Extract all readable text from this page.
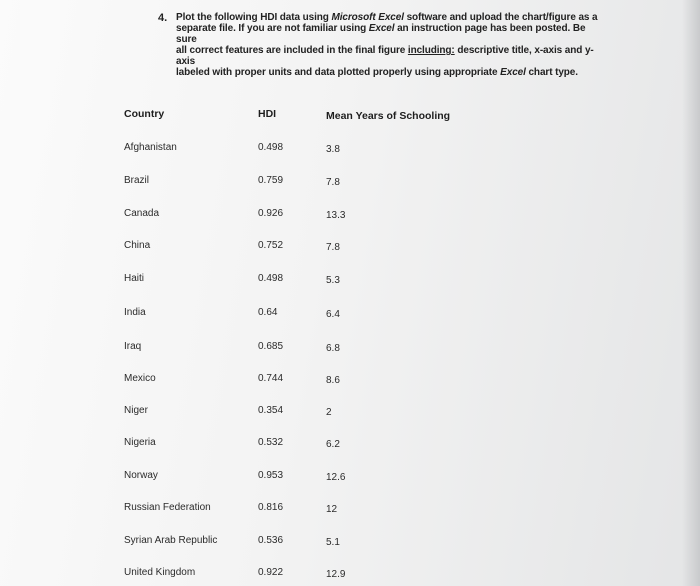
4. Plot the following HDI data using Microsoft Excel software and upload the chart/figure as a
separate file. If you are not familiar using Excel an instruction page has been posted. Be sure
all correct features are included in the final figure including: descriptive title, x-axis and y-axis
labeled with proper units and data plotted properly using appropriate Excel chart type.
Country	HDI	Mean Years of Schooling
Afghanistan	0.498	3.8
Brazil	0.759	7.8
Canada	0.926	13.3
China	0.752	7.8
Haiti	0.498	5.3
India	0.64	6.4
Iraq	0.685	6.8
Mexico	0.744	8.6
Niger	0.354	2
Nigeria	0.532	6.2
Norway	0.953	12.6
Russian Federation	0.816	12
Syrian Arab Republic	0.536	5.1
United Kingdom	0.922	12.9
